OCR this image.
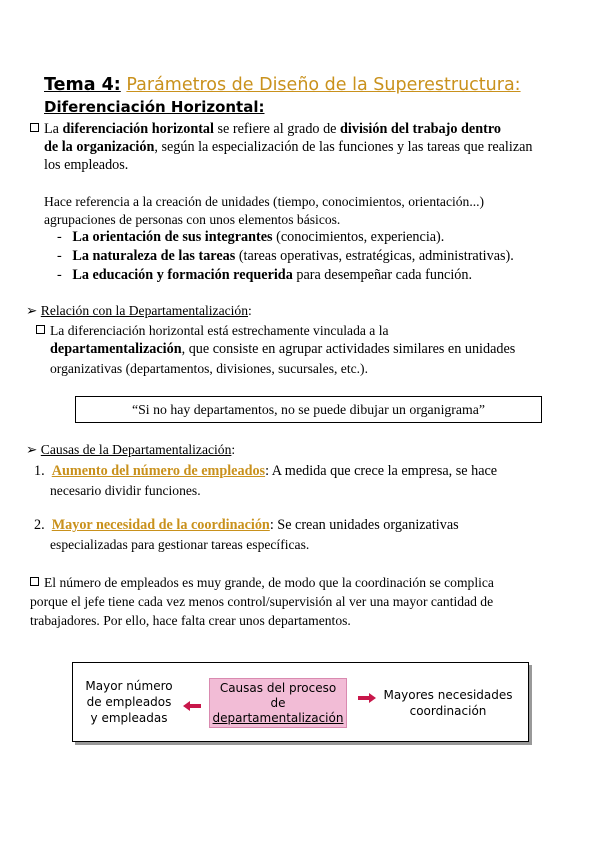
Tema 4: Parámetros de Diseño de la Superestructura:
Diferenciación Horizontal:
La diferenciación horizontal se refiere al grado de división del trabajo dentro
de la organización, según la especialización de las funciones y las tareas que realizan
los empleados.
Hace referencia a la creación de unidades (tiempo, conocimientos, orientación...)
agrupaciones de personas con unos elementos básicos.
-   La orientación de sus integrantes (conocimientos, experiencia).
-   La naturaleza de las tareas (tareas operativas, estratégicas, administrativas).
-   La educación y formación requerida para desempeñar cada función.
➢ Relación con la Departamentalización:
La diferenciación horizontal está estrechamente vinculada a la
departamentalización, que consiste en agrupar actividades similares en unidades
organizativas (departamentos, divisiones, sucursales, etc.).
“Si no hay departamentos, no se puede dibujar un organigrama”
➢ Causas de la Departamentalización:
1. Aumento del número de empleados: A medida que crece la empresa, se hace
necesario dividir funciones.
2. Mayor necesidad de la coordinación: Se crean unidades organizativas
especializadas para gestionar tareas específicas.
El número de empleados es muy grande, de modo que la coordinación se complica
porque el jefe tiene cada vez menos control/supervisión al ver una mayor cantidad de
trabajadores. Por ello, hace falta crear unos departamentos.
Mayor número
de empleados
y empleadas
Causas del proceso
de
departamentalización
Mayores necesidades
coordinación
